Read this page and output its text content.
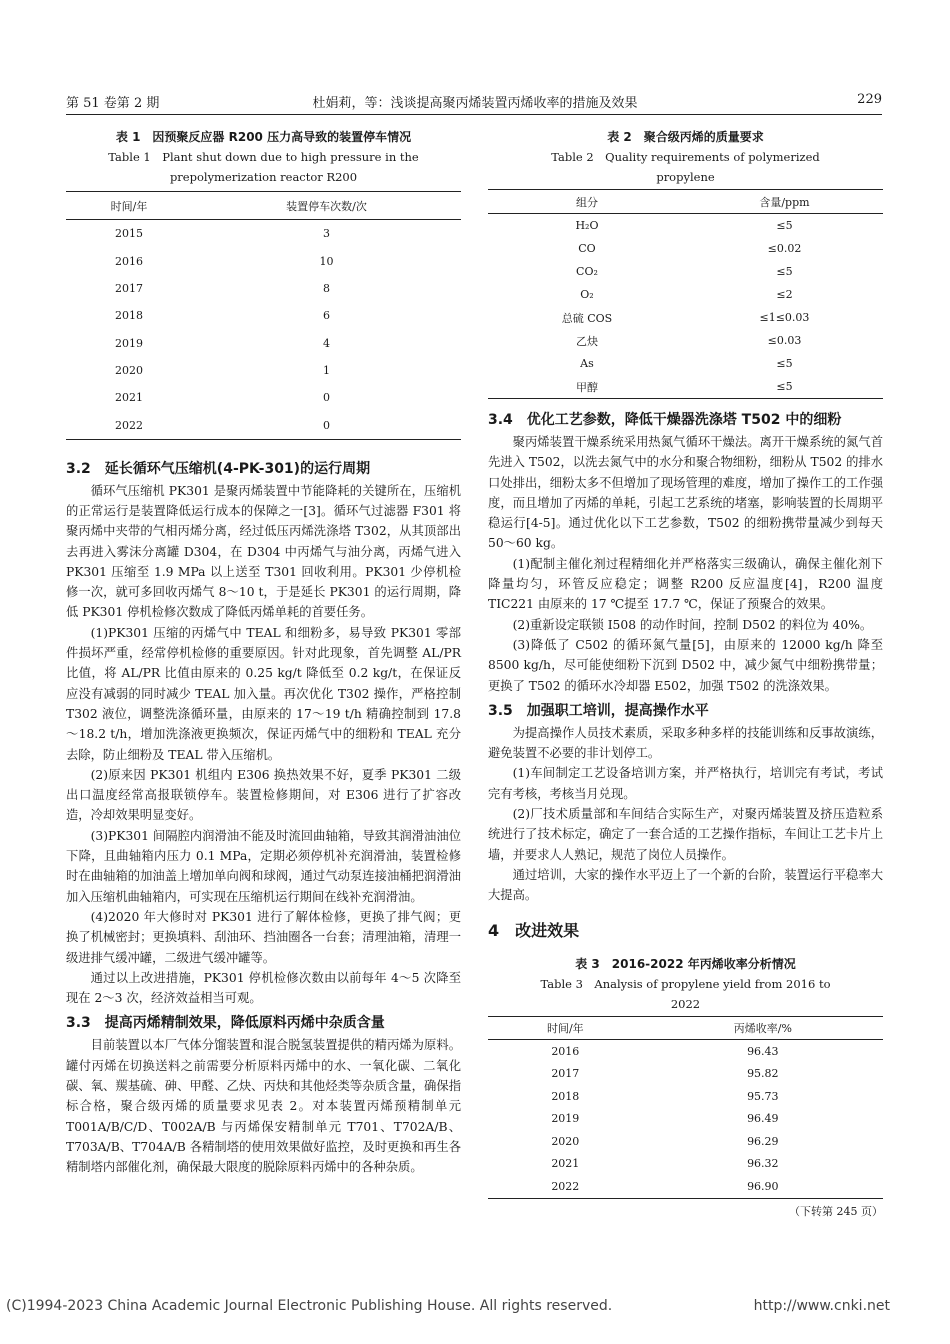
第 51 卷第 2 期	杜娟莉，等：浅谈提高聚丙烯装置丙烯收率的措施及效果	229
表 1　因预聚反应器 R200 压力高导致的装置停车情况
Table 1　Plant shut down due to high pressure in the prepolymerization reactor R200
时间/年	装置停车次数/次
2015	3
2016	10
2017	8
2018	6
2019	4
2020	1
2021	0
2022	0
3.2　延长循环气压缩机(4-PK-301)的运行周期

循环气压缩机 PK301 是聚丙烯装置中节能降耗的关键所在，压缩机的正常运行是装置降低运行成本的保障之一[3]。循环气过滤器 F301 将聚丙烯中夹带的气相丙烯分离，经过低压丙烯洗涤塔 T302，从其顶部出去再进入雾沫分离罐 D304，在 D304 中丙烯气与油分离，丙烯气进入 PK301 压缩至 1.9 MPa 以上送至 T301 回收利用。PK301 少停机检修一次，就可多回收丙烯气 8～10 t，于是延长 PK301 的运行周期，降低 PK301 停机检修次数成了降低丙烯单耗的首要任务。

(1)PK301 压缩的丙烯气中 TEAL 和细粉多，易导致 PK301 零部件损坏严重，经常停机检修的重要原因。针对此现象，首先调整 AL/PR 比值，将 AL/PR 比值由原来的 0.25 kg/t 降低至 0.2 kg/t，在保证反应没有减弱的同时减少 TEAL 加入量。再次优化 T302 操作，严格控制 T302 液位，调整洗涤循环量，由原来的 17～19 t/h 精确控制到 17.8～18.2 t/h，增加洗涤液更换频次，保证丙烯气中的细粉和 TEAL 充分去除，防止细粉及 TEAL 带入压缩机。

(2)原来因 PK301 机组内 E306 换热效果不好，夏季 PK301 二级出口温度经常高报联锁停车。装置检修期间，对 E306 进行了扩容改造，冷却效果明显变好。

(3)PK301 间隔腔内润滑油不能及时流回曲轴箱，导致其润滑油油位下降，且曲轴箱内压力 0.1 MPa，定期必须停机补充润滑油，装置检修时在曲轴箱的加油盖上增加单向阀和球阀，通过气动泵连接油桶把润滑油加入压缩机曲轴箱内，可实现在压缩机运行期间在线补充润滑油。

(4)2020 年大修时对 PK301 进行了解体检修，更换了排气阀；更换了机械密封；更换填料、刮油环、挡油圈各一台套；清理油箱，清理一级进排气缓冲罐，二级进气缓冲罐等。

通过以上改进措施，PK301 停机检修次数由以前每年 4～5 次降至现在 2～3 次，经济效益相当可观。

3.3　提高丙烯精制效果，降低原料丙烯中杂质含量

目前装置以本厂气体分馏装置和混合脱氢装置提供的精丙烯为原料。罐付丙烯在切换送料之前需要分析原料丙烯中的水、一氧化碳、二氧化碳、氧、羰基硫、砷、甲醛、乙炔、丙炔和其他烃类等杂质含量，确保指标合格，聚合级丙烯的质量要求见表 2。对本装置丙烯预精制单元 T001A/B/C/D、T002A/B 与丙烯保安精制单元 T701、T702A/B、T703A/B、T704A/B 各精制塔的使用效果做好监控，及时更换和再生各精制塔内部催化剂，确保最大限度的脱除原料丙烯中的各种杂质。

表 2　聚合级丙烯的质量要求
Table 2　Quality requirements of polymerized propylene
组分	含量/ppm
H₂O	≤5
CO	≤0.02
CO₂	≤5
O₂	≤2
总硫 COS	≤1≤0.03
乙炔	≤0.03
As	≤5
甲醇	≤5
3.4　优化工艺参数，降低干燥器洗涤塔 T502 中的细粉

聚丙烯装置干燥系统采用热氮气循环干燥法。离开干燥系统的氮气首先进入 T502，以洗去氮气中的水分和聚合物细粉，细粉从 T502 的排水口处排出，细粉太多不但增加了现场管理的难度，增加了操作工的工作强度，而且增加了丙烯的单耗，引起工艺系统的堵塞，影响装置的长周期平稳运行[4-5]。通过优化以下工艺参数，T502 的细粉携带量减少到每天 50～60 kg。

(1)配制主催化剂过程精细化并严格落实三级确认，确保主催化剂下降量均匀，环管反应稳定；调整 R200 反应温度[4]，R200 温度 TIC221 由原来的 17 ℃提至 17.7 ℃，保证了预聚合的效果。

(2)重新设定联锁 I508 的动作时间，控制 D502 的料位为 40%。

(3)降低了 C502 的循环氮气量[5]，由原来的 12000 kg/h 降至 8500 kg/h，尽可能使细粉下沉到 D502 中，减少氮气中细粉携带量；更换了 T502 的循环水冷却器 E502，加强 T502 的洗涤效果。

3.5　加强职工培训，提高操作水平

为提高操作人员技术素质，采取多种多样的技能训练和反事故演练，避免装置不必要的非计划停工。

(1)车间制定工艺设备培训方案，并严格执行，培训完有考试，考试完有考核，考核当月兑现。

(2)厂技术质量部和车间结合实际生产，对聚丙烯装置及挤压造粒系统进行了技术标定，确定了一套合适的工艺操作指标，车间让工艺卡片上墙，并要求人人熟记，规范了岗位人员操作。

通过培训，大家的操作水平迈上了一个新的台阶，装置运行平稳率大大提高。

4　改进效果
表 3　2016-2022 年丙烯收率分析情况
Table 3　Analysis of propylene yield from 2016 to 2022
时间/年	丙烯收率/%
2016	96.43
2017	95.82
2018	95.73
2019	96.49
2020	96.29
2021	96.32
2022	96.90
（下转第 245 页）
(C)1994-2023 China Academic Journal Electronic Publishing House. All rights reserved.	http://www.cnki.net
